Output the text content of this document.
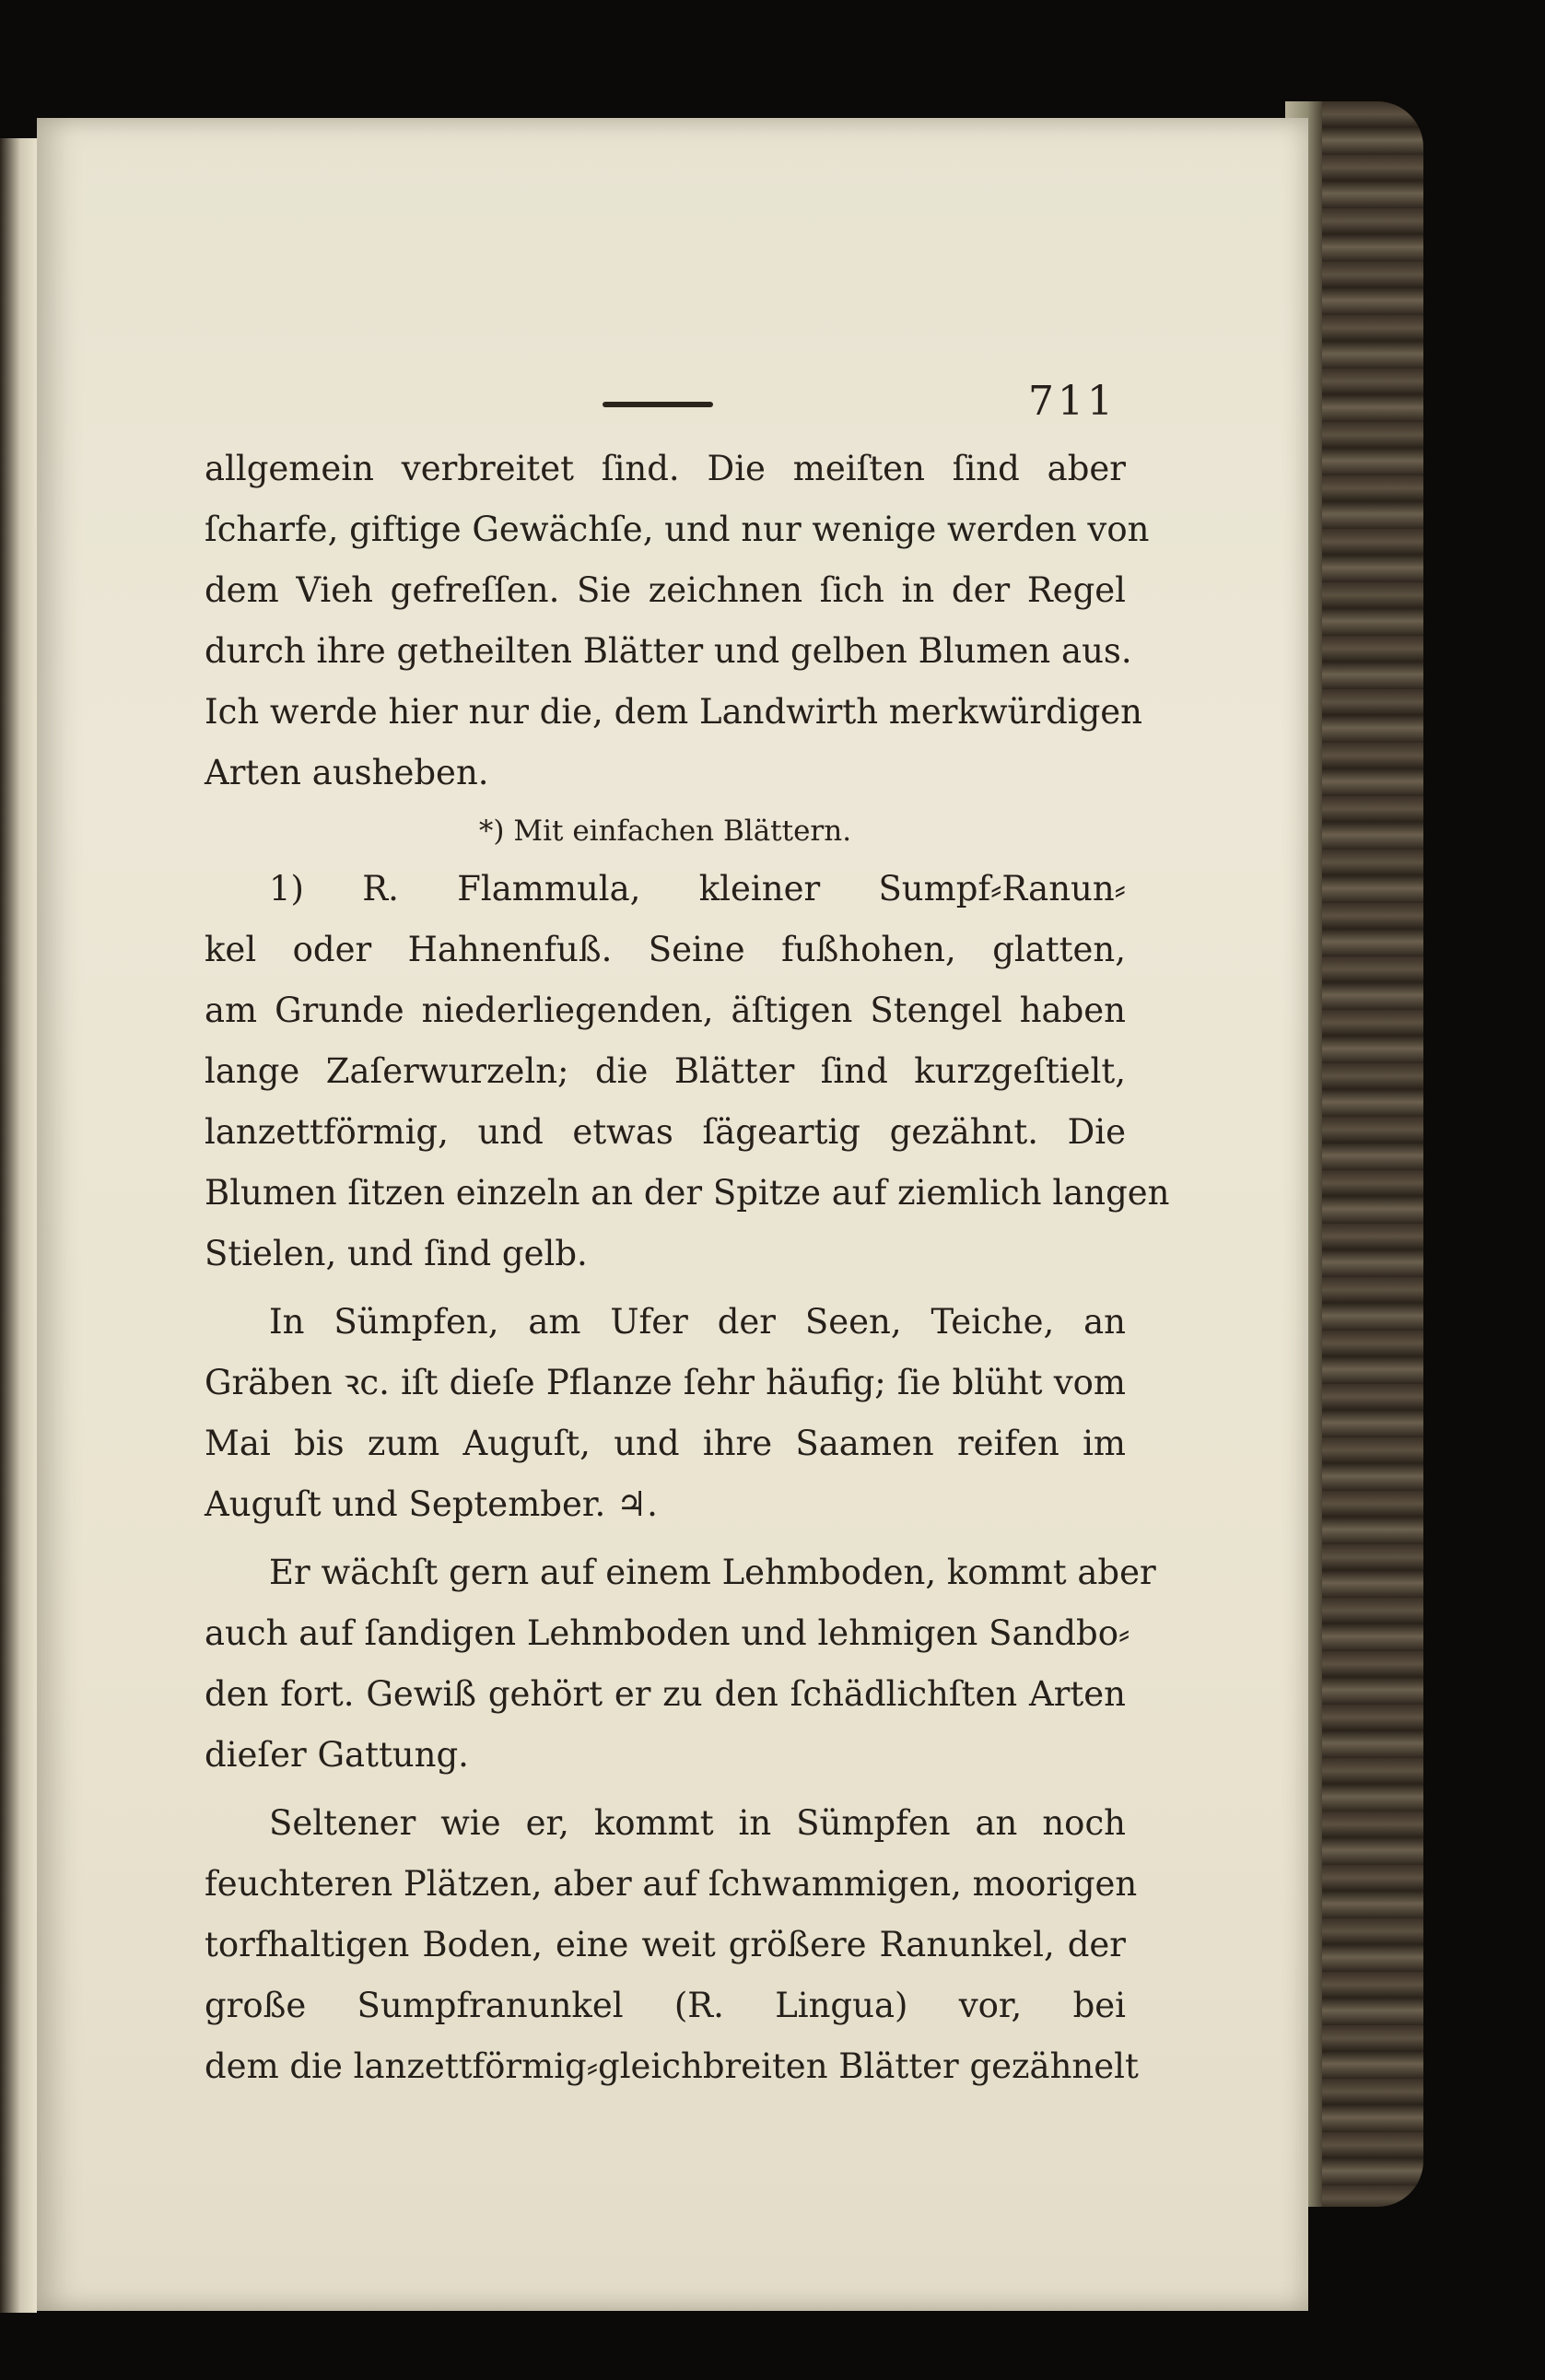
711
allgemein verbreitet ſind. Die meiſten ſind aber
ſcharfe, giftige Gewächſe, und nur wenige werden von
dem Vieh gefreſſen. Sie zeichnen ſich in der Regel
durch ihre getheilten Blätter und gelben Blumen aus.
Ich werde hier nur die, dem Landwirth merkwürdigen
Arten ausheben.
*) Mit einfachen Blättern.
1) R. Flammula, kleiner Sumpf⸗Ranun⸗
kel oder Hahnenfuß. Seine fußhohen, glatten,
am Grunde niederliegenden, äſtigen Stengel haben
lange Zaſerwurzeln; die Blätter ſind kurzgeſtielt,
lanzettförmig, und etwas ſägeartig gezähnt. Die
Blumen ſitzen einzeln an der Spitze auf ziemlich langen
Stielen, und ſind gelb.
In Sümpfen, am Ufer der Seen, Teiche, an
Gräben ꝛc. iſt dieſe Pflanze ſehr häufig; ſie blüht vom
Mai bis zum Auguſt, und ihre Saamen reifen im
Auguſt und September. ♃.
Er wächſt gern auf einem Lehmboden, kommt aber
auch auf ſandigen Lehmboden und lehmigen Sandbo⸗
den fort. Gewiß gehört er zu den ſchädlichſten Arten
dieſer Gattung.
Seltener wie er, kommt in Sümpfen an noch
feuchteren Plätzen, aber auf ſchwammigen, moorigen
torfhaltigen Boden, eine weit größere Ranunkel, der
große Sumpfranunkel (R. Lingua) vor, bei
dem die lanzettförmig⸗gleichbreiten Blätter gezähnelt
